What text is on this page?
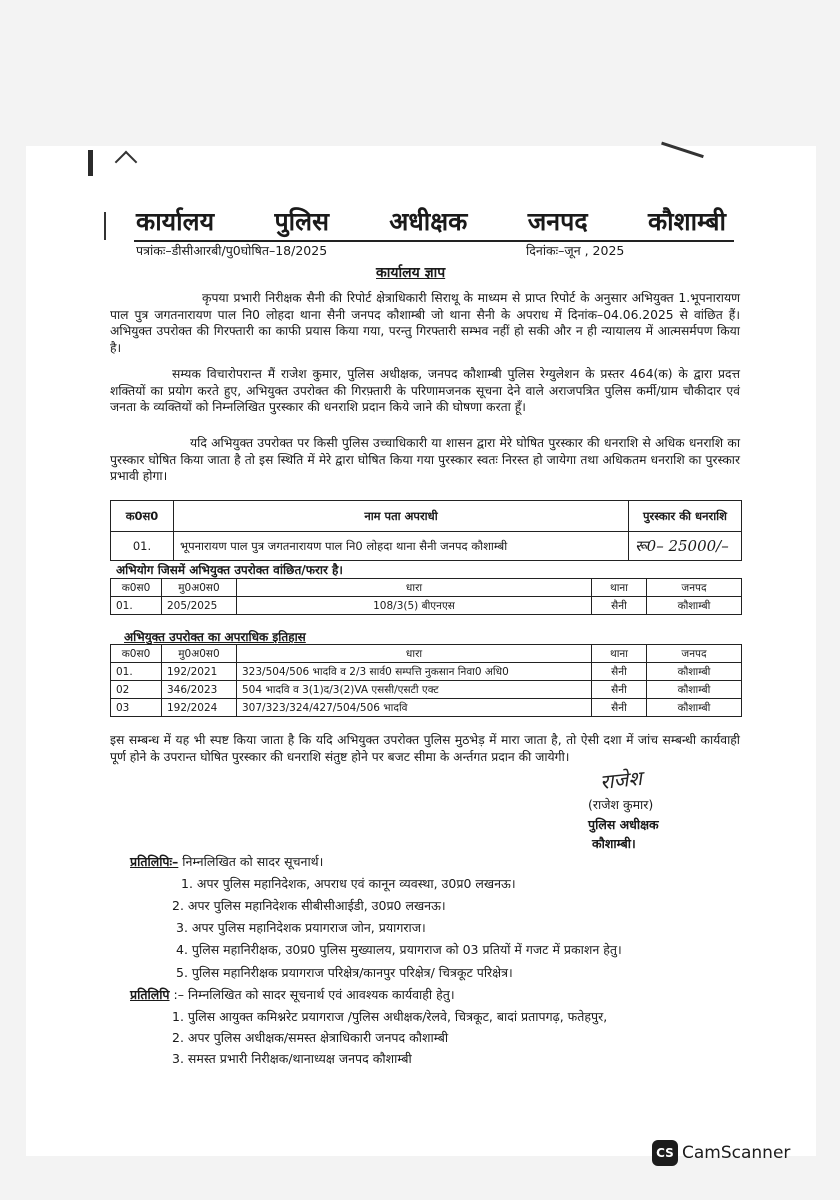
कार्यालय पुलिस अधीक्षक जनपद कौशाम्बी
पत्रांकः–डीसीआरबी/पु0घोषित–18/2025	दिनांकः–जून , 2025
कार्यालय ज्ञाप
कृपया प्रभारी निरीक्षक सैनी की रिपोर्ट क्षेत्राधिकारी सिराथू के माध्यम से प्राप्त रिपोर्ट के अनुसार अभियुक्त 1.भूपनारायण पाल पुत्र जगतनारायण पाल नि0 लोहदा थाना सैनी जनपद कौशाम्बी जो थाना सैनी के अपराध में दिनांक–04.06.2025 से वांछित हैं। अभियुक्त उपरोक्त की गिरफ्तारी का काफी प्रयास किया गया, परन्तु गिरफ्तारी सम्भव नहीं हो सकी और न ही न्यायालय में आत्मसर्मपण किया है।
सम्यक विचारोपरान्त मैं राजेश कुमार, पुलिस अधीक्षक, जनपद कौशाम्बी पुलिस रेग्युलेशन के प्रस्तर 464(क) के द्वारा प्रदत्त शक्तियों का प्रयोग करते हुए, अभियुक्त उपरोक्त की गिरफ़्तारी के परिणामजनक सूचना देने वाले अराजपत्रित पुलिस कर्मी/ग्राम चौकीदार एवं जनता के व्यक्तियों को निम्नलिखित पुरस्कार की धनराशि प्रदान किये जाने की घोषणा करता हूँ।
यदि अभियुक्त उपरोक्त पर किसी पुलिस उच्चाधिकारी या शासन द्वारा मेरे घोषित पुरस्कार की धनराशि से अधिक धनराशि का पुरस्कार घोषित किया जाता है तो इस स्थिति में मेरे द्वारा घोषित किया गया पुरस्कार स्वतः निरस्त हो जायेगा तथा अधिकतम धनराशि का पुरस्कार प्रभावी होगा।
क0स0	नाम पता अपराधी	पुरस्कार की धनराशि
01.	भूपनारायण पाल पुत्र जगतनारायण पाल नि0 लोहदा थाना सैनी जनपद कौशाम्बी	रू0– 25000/–
अभियोग जिसमें अभियुक्त उपरोक्त वांछित/फरार है।
क0स0	मु0अ0स0	धारा	थाना	जनपद
01.	205/2025	108/3(5) बीएनएस	सैनी	कौशाम्बी
अभियुक्त उपरोक्त का अपराधिक इतिहास
क0स0	मु0अ0स0	धारा	थाना	जनपद
01.	192/2021	323/504/506 भादवि व 2/3 सार्व0 सम्पत्ति नुकसान निवा0 अधि0	सैनी	कौशाम्बी
02	346/2023	504 भादवि व 3(1)द/3(2)VA एससी/एसटी एक्ट	सैनी	कौशाम्बी
03	192/2024	307/323/324/427/504/506 भादवि	सैनी	कौशाम्बी
इस सम्बन्ध में यह भी स्पष्ट किया जाता है कि यदि अभियुक्त उपरोक्त पुलिस मुठभेड़ में मारा जाता है, तो ऐसी दशा में जांच सम्बन्धी कार्यवाही पूर्ण होने के उपरान्त घोषित पुरस्कार की धनराशि संतुष्ट होने पर बजट सीमा के अर्न्तगत प्रदान की जायेगी।
राजेश
(राजेश कुमार)
पुलिस अधीक्षक
कौशाम्बी।
प्रतिलिपिः– निम्नलिखित को सादर सूचनार्थ।
1. अपर पुलिस महानिदेशक, अपराध एवं कानून व्यवस्था, उ0प्र0 लखनऊ।
2. अपर पुलिस महानिदेशक सीबीसीआईडी, उ0प्र0 लखनऊ।
3. अपर पुलिस महानिदेशक प्रयागराज जोन, प्रयागराज।
4. पुलिस महानिरीक्षक, उ0प्र0 पुलिस मुख्यालय, प्रयागराज को 03 प्रतियों में गजट में प्रकाशन हेतु।
5. पुलिस महानिरीक्षक प्रयागराज परिक्षेत्र/कानपुर परिक्षेत्र/ चित्रकूट परिक्षेत्र।
प्रतिलिपि :– निम्नलिखित को सादर सूचनार्थ एवं आवश्यक कार्यवाही हेतु।
1. पुलिस आयुक्त कमिश्नरेट प्रयागराज /पुलिस अधीक्षक/रेलवे, चित्रकूट, बादां प्रतापगढ़, फतेहपुर,
2. अपर पुलिस अधीक्षक/समस्त क्षेत्राधिकारी जनपद कौशाम्बी
3. समस्त प्रभारी निरीक्षक/थानाध्यक्ष जनपद कौशाम्बी
CS CamScanner
